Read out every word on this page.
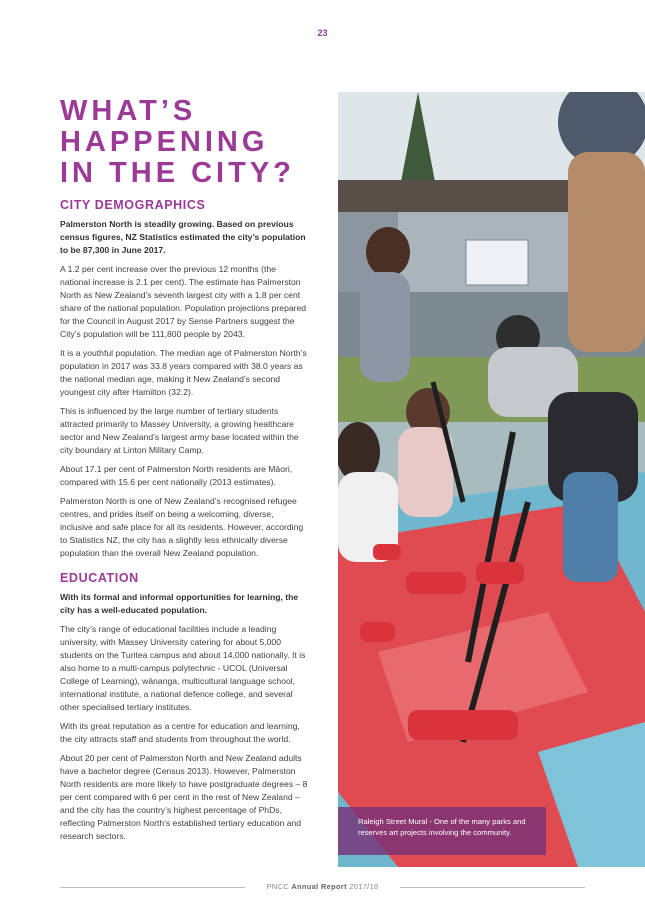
23
WHAT’S
HAPPENING
IN THE CITY?
CITY DEMOGRAPHICS

Palmerston North is steadily growing. Based on previous census figures, NZ Statistics estimated the city’s population to be 87,300 in June 2017.

A 1.2 per cent increase over the previous 12 months (the national increase is 2.1 per cent). The estimate has Palmerston North as New Zealand’s seventh largest city with a 1.8 per cent share of the national population. Population projections prepared for the Council in August 2017 by Sense Partners suggest the City’s population will be 111,800 people by 2043.

It is a youthful population. The median age of Palmerston North’s population in 2017 was 33.8 years compared with 38.0 years as the national median age, making it New Zealand’s second youngest city after Hamilton (32.2).

This is influenced by the large number of tertiary students attracted primarily to Massey University, a growing healthcare sector and New Zealand’s largest army base located within the city boundary at Linton Military Camp.

About 17.1 per cent of Palmerston North residents are Māori, compared with 15.6 per cent nationally (2013 estimates).

Palmerston North is one of New Zealand’s recognised refugee centres, and prides itself on being a welcoming, diverse, inclusive and safe place for all its residents. However, according to Statistics NZ, the city has a slightly less ethnically diverse population than the overall New Zealand population.

EDUCATION

With its formal and informal opportunities for learning, the city has a well-educated population.

The city’s range of educational facilities include a leading university, with Massey University catering for about 5,000 students on the Turitea campus and about 14,000 nationally. It is also home to a multi-campus polytechnic - UCOL (Universal College of Learning), wānanga, multicultural language school, international institute, a national defence college, and several other specialised tertiary institutes.

With its great reputation as a centre for education and learning, the city attracts staff and students from throughout the world.

About 20 per cent of Palmerston North and New Zealand adults have a bachelor degree (Census 2013). However, Palmerston North residents are more likely to have postgraduate degrees – 8 per cent compared with 6 per cent in the rest of New Zealand – and the city has the country’s highest percentage of PhDs, reflecting Palmerston North’s established tertiary education and research sectors.

Raleigh Street Mural - One of the many parks and reserves art projects involving the community.
PNCC Annual Report 2017/18
